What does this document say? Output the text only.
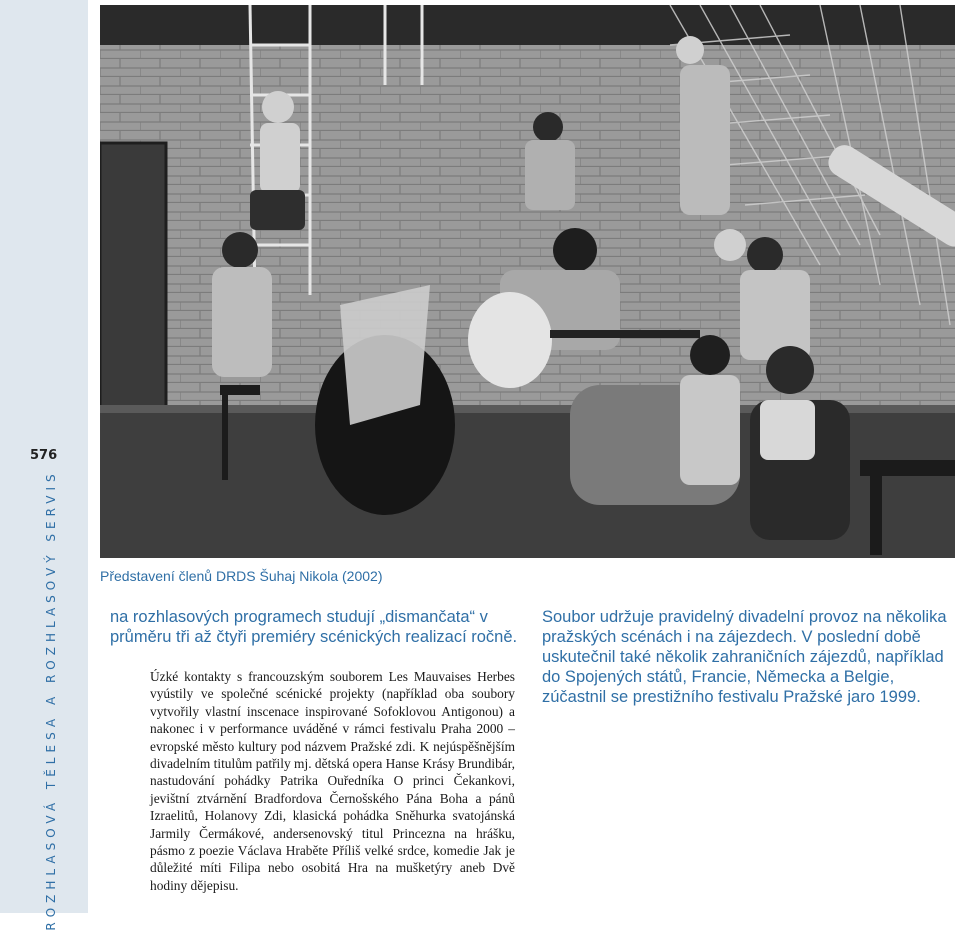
ROZHLASOVÁ TĚLESA A ROZHLASOVÝ SERVIS
576
Představení členů DRDS Šuhaj Nikola (2002)
na rozhlasových programech studují „dismančata“ v průměru tři až čtyři premiéry scénických realizací ročně.
Úzké kontakty s francouzským souborem Les Mauvaises Herbes vyústily ve společné scénické projekty (například oba soubory vytvořily vlastní inscenace inspirované Sofoklovou Antigonou) a nakonec i v performance uváděné v rámci festivalu Praha 2000 – evropské město kultury pod názvem Pražské zdi. K nejúspěšnějším divadelním titulům patřily mj. dětská opera Hanse Krásy Brundibár, nastudování pohádky Patrika Ouředníka O princi Čekankovi, jevištní ztvárnění Bradfordova Černošského Pána Boha a pánů Izraelitů, Holanovy Zdi, klasická pohádka Sněhurka svatojánská Jarmily Čermákové, andersenovský titul Princezna na hrášku, pásmo z poezie Václava Hraběte Příliš velké srdce, komedie Jak je důležité míti Filipa nebo osobitá Hra na mušketýry aneb Dvě hodiny dějepisu.
Soubor udržuje pravidelný divadelní provoz na několika pražských scénách i na zájezdech. V poslední době uskutečnil také několik zahraničních zájezdů, například do Spojených států, Francie, Německa a Belgie, zúčastnil se prestižního festivalu Pražské jaro 1999.
